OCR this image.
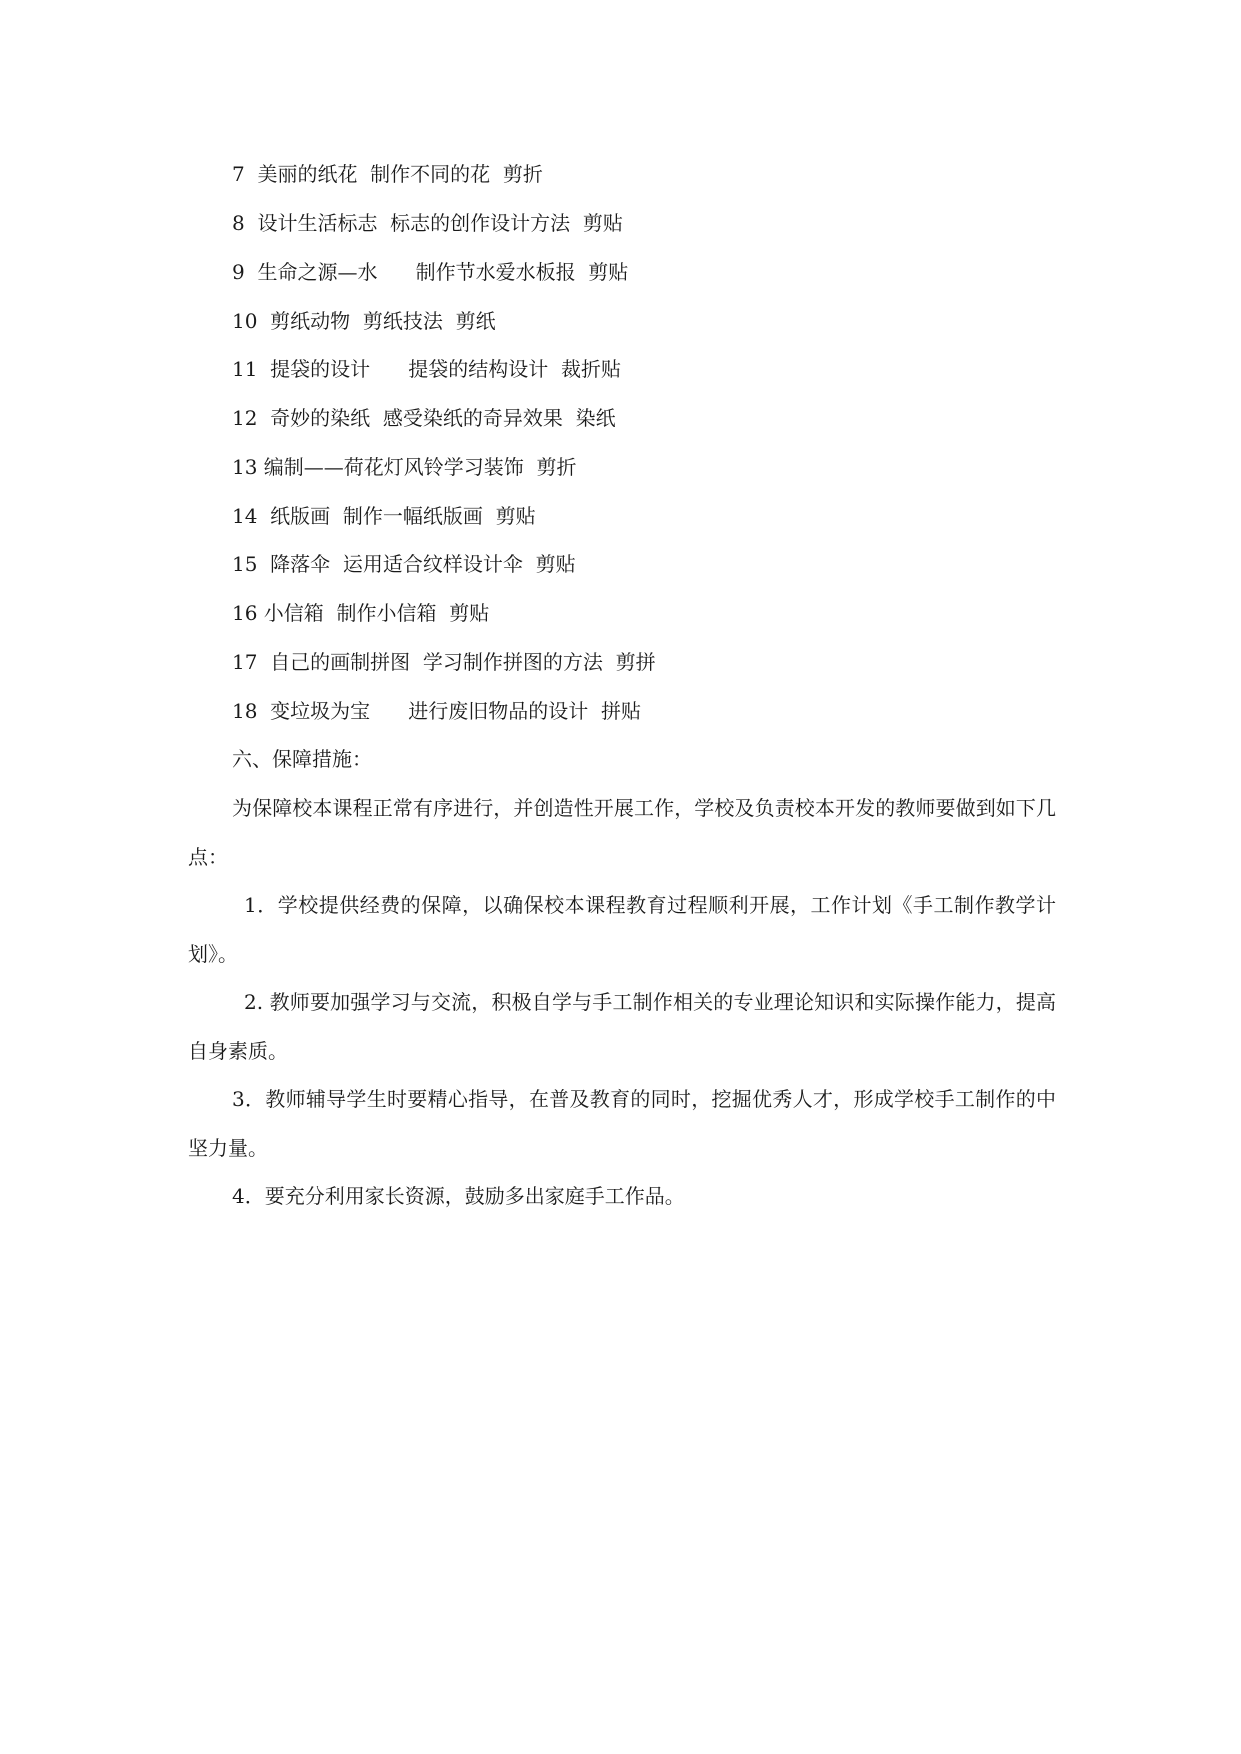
7  美丽的纸花  制作不同的花  剪折
8  设计生活标志  标志的创作设计方法  剪贴
9  生命之源—水      制作节水爱水板报  剪贴
10  剪纸动物  剪纸技法  剪纸
11  提袋的设计      提袋的结构设计  裁折贴
12  奇妙的染纸  感受染纸的奇异效果  染纸
13 编制——荷花灯风铃学习装饰  剪折
14  纸版画  制作一幅纸版画  剪贴
15  降落伞  运用适合纹样设计伞  剪贴
16 小信箱  制作小信箱  剪贴
17  自己的画制拼图  学习制作拼图的方法  剪拼
18  变垃圾为宝      进行废旧物品的设计  拼贴
六、保障措施：
为保障校本课程正常有序进行，并创造性开展工作，学校及负责校本开发的教师要做到如下几点：
1．学校提供经费的保障，以确保校本课程教育过程顺利开展，工作计划《手工制作教学计划》。
2. 教师要加强学习与交流，积极自学与手工制作相关的专业理论知识和实际操作能力，提高自身素质。
3．教师辅导学生时要精心指导，在普及教育的同时，挖掘优秀人才，形成学校手工制作的中坚力量。
4．要充分利用家长资源，鼓励多出家庭手工作品。
